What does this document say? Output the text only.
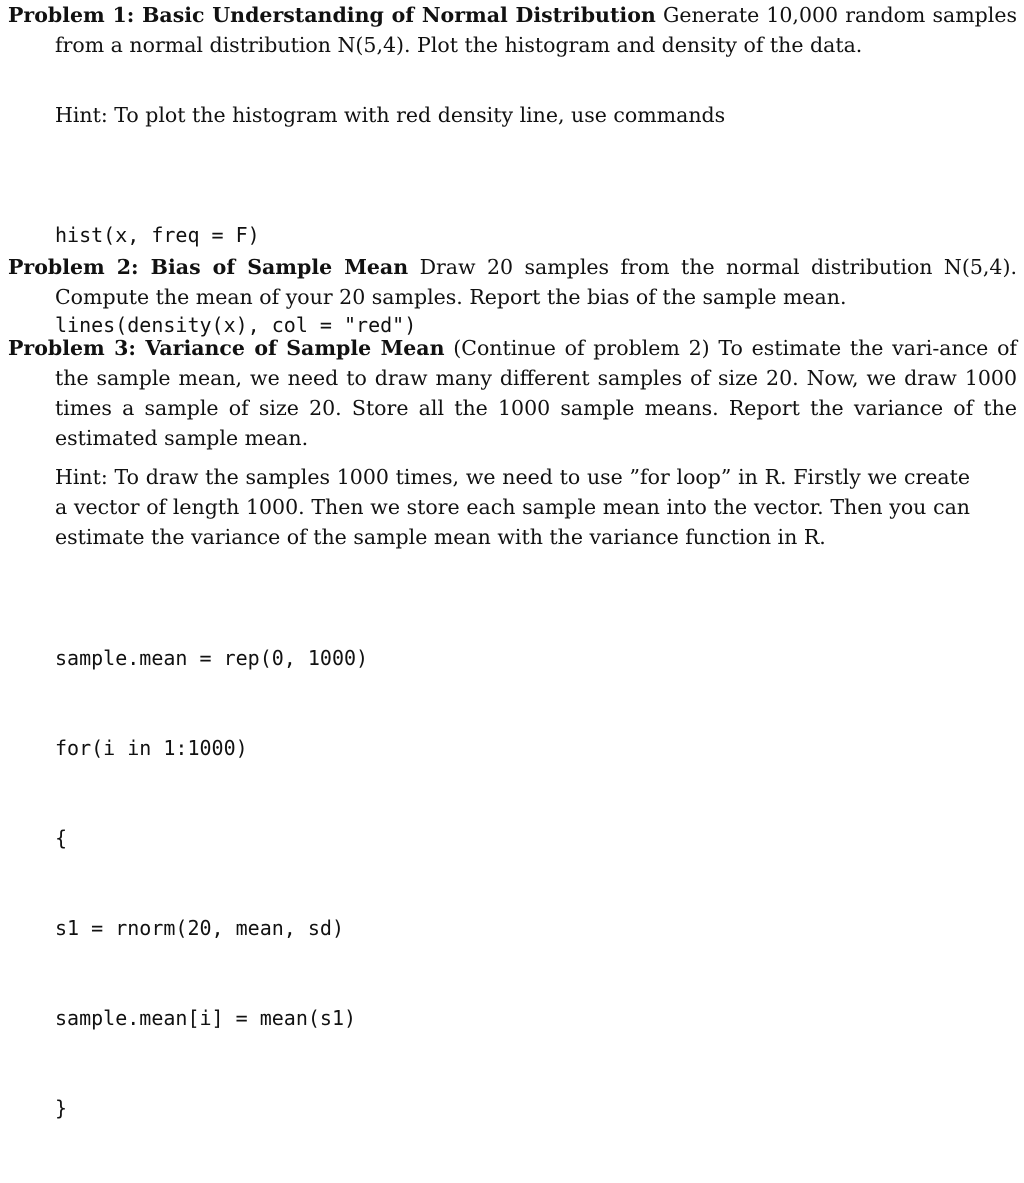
Problem 1: Basic Understanding of Normal Distribution Generate 10,000 random samples from a normal distribution N(5,4). Plot the histogram and density of the data.
Hint: To plot the histogram with red density line, use commands

hist(x, freq = F)

lines(density(x), col = "red")

Problem 2: Bias of Sample Mean Draw 20 samples from the normal distribution N(5,4). Compute the mean of your 20 samples. Report the bias of the sample mean.
Problem 3: Variance of Sample Mean (Continue of problem 2) To estimate the vari-ance of the sample mean, we need to draw many different samples of size 20. Now, we draw 1000 times a sample of size 20. Store all the 1000 sample means. Report the variance of the estimated sample mean.
Hint: To draw the samples 1000 times, we need to use ”for loop” in R. Firstly we create a vector of length 1000. Then we store each sample mean into the vector. Then you can estimate the variance of the sample mean with the variance function in R.

sample.mean = rep(0, 1000)

for(i in 1:1000)

{

s1 = rnorm(20, mean, sd)

sample.mean[i] = mean(s1)

}
